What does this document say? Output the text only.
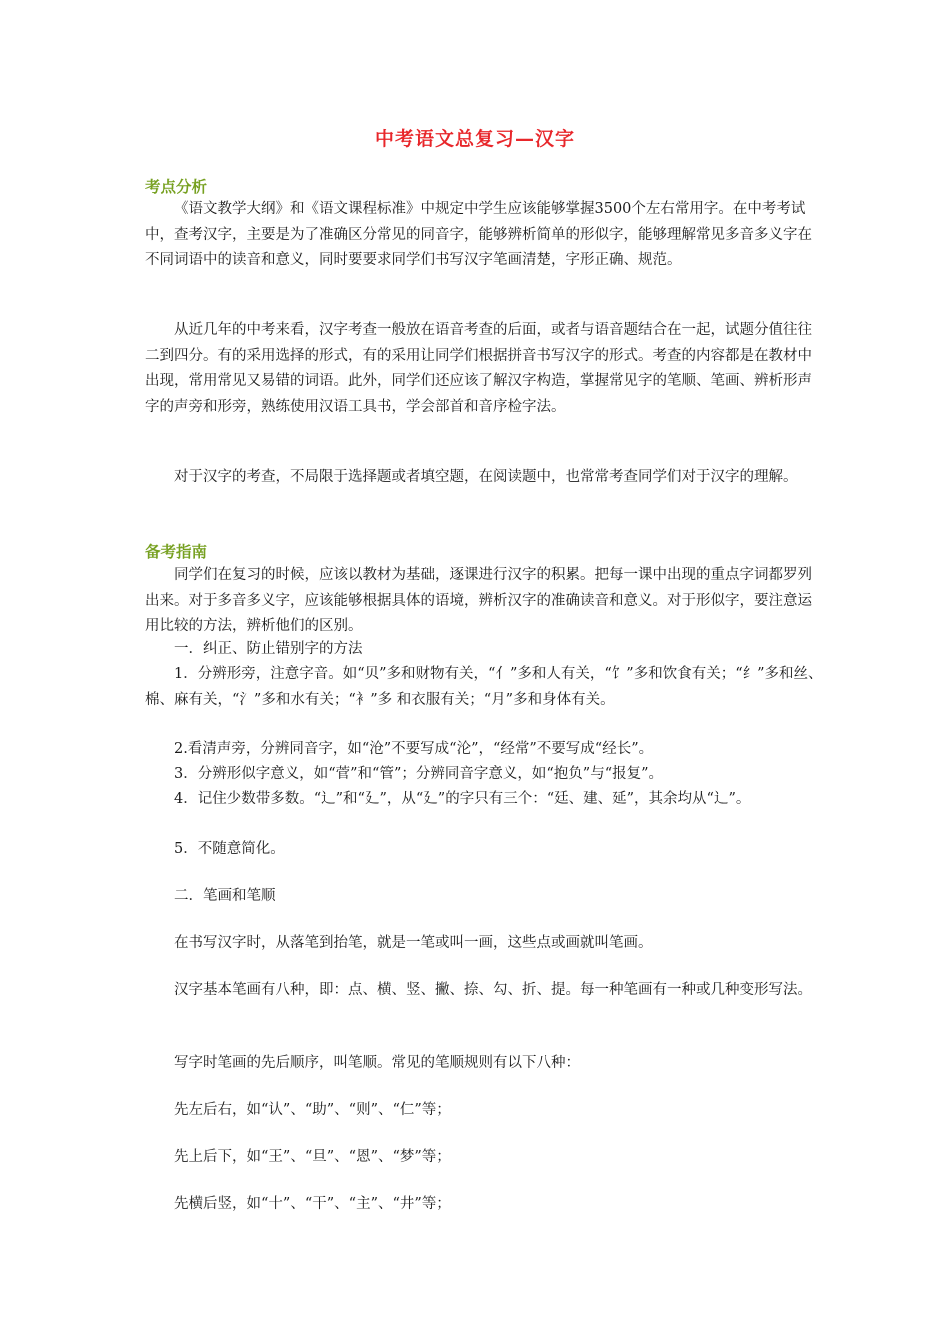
中考语文总复习—汉字
考点分析

《语文教学大纲》和《语文课程标准》中规定中学生应该能够掌握3500个左右常用字。在中考考试中，查考汉字，主要是为了准确区分常见的同音字，能够辨析简单的形似字，能够理解常见多音多义字在不同词语中的读音和意义，同时要要求同学们书写汉字笔画清楚，字形正确、规范。

从近几年的中考来看，汉字考查一般放在语音考查的后面，或者与语音题结合在一起，试题分值往往二到四分。有的采用选择的形式，有的采用让同学们根据拼音书写汉字的形式。考查的内容都是在教材中出现，常用常见又易错的词语。此外，同学们还应该了解汉字构造，掌握常见字的笔顺、笔画、辨析形声字的声旁和形旁，熟练使用汉语工具书，学会部首和音序检字法。

对于汉字的考查，不局限于选择题或者填空题，在阅读题中，也常常考查同学们对于汉字的理解。

备考指南

同学们在复习的时候，应该以教材为基础，逐课进行汉字的积累。把每一课中出现的重点字词都罗列出来。对于多音多义字，应该能够根据具体的语境，辨析汉字的准确读音和意义。对于形似字，要注意运用比较的方法，辨析他们的区别。

一．纠正、防止错别字的方法

1．分辨形旁，注意字音。如“贝”多和财物有关，“亻”多和人有关，“饣”多和饮食有关；“纟”多和丝、棉、麻有关，“氵”多和水有关；“衤”多 和衣服有关；“月”多和身体有关。

2.看清声旁，分辨同音字，如“沧”不要写成“沦”，“经常”不要写成“经长”。

3．分辨形似字意义，如“菅”和“管”；分辨同音字意义，如“抱负”与“报复”。

4．记住少数带多数。“辶”和“廴”，从“廴”的字只有三个：“廷、建、延”，其余均从“辶”。

5．不随意简化。

二．笔画和笔顺

在书写汉字时，从落笔到抬笔，就是一笔或叫一画，这些点或画就叫笔画。

汉字基本笔画有八种，即：点、横、竖、撇、捺、勾、折、提。每一种笔画有一种或几种变形写法。

写字时笔画的先后顺序，叫笔顺。常见的笔顺规则有以下八种：

先左后右，如“认”、“助”、“则”、“仁”等；

先上后下，如“王”、“旦”、“恩”、“梦”等；

先横后竖，如“十”、“干”、“主”、“井”等；
